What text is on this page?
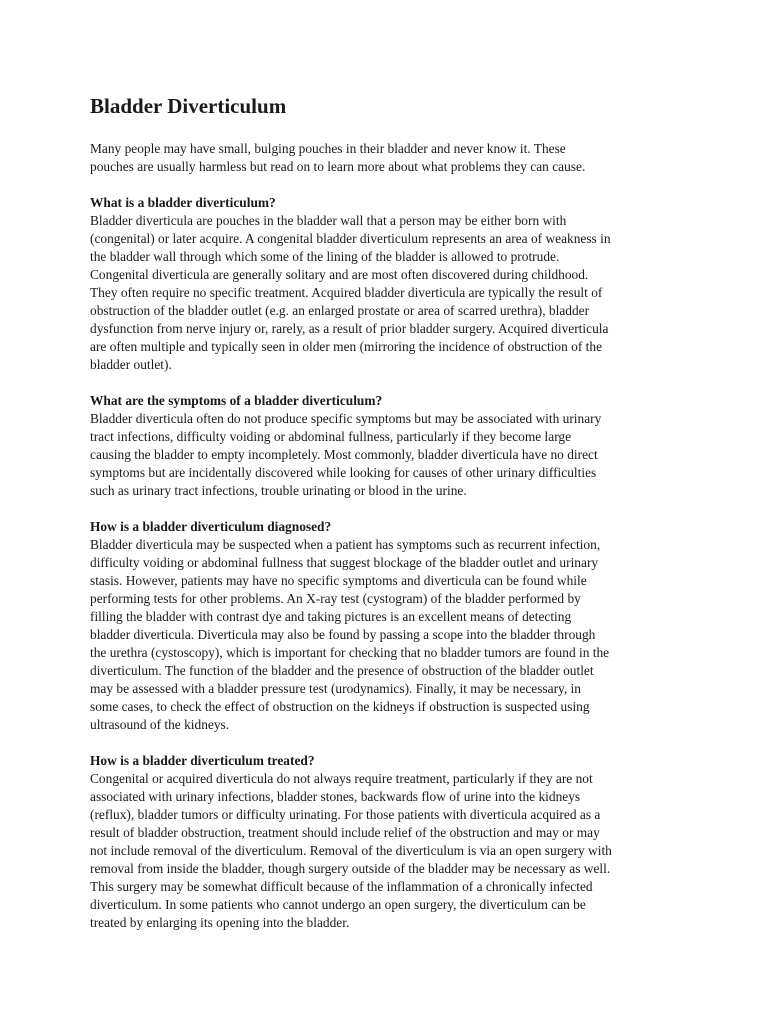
Bladder Diverticulum

Many people may have small, bulging pouches in their bladder and never know it. These
pouches are usually harmless but read on to learn more about what problems they can cause.

What is a bladder diverticulum?

Bladder diverticula are pouches in the bladder wall that a person may be either born with
(congenital) or later acquire. A congenital bladder diverticulum represents an area of weakness in
the bladder wall through which some of the lining of the bladder is allowed to protrude.
Congenital diverticula are generally solitary and are most often discovered during childhood.
They often require no specific treatment. Acquired bladder diverticula are typically the result of
obstruction of the bladder outlet (e.g. an enlarged prostate or area of scarred urethra), bladder
dysfunction from nerve injury or, rarely, as a result of prior bladder surgery. Acquired diverticula
are often multiple and typically seen in older men (mirroring the incidence of obstruction of the
bladder outlet).

What are the symptoms of a bladder diverticulum?

Bladder diverticula often do not produce specific symptoms but may be associated with urinary
tract infections, difficulty voiding or abdominal fullness, particularly if they become large
causing the bladder to empty incompletely. Most commonly, bladder diverticula have no direct
symptoms but are incidentally discovered while looking for causes of other urinary difficulties
such as urinary tract infections, trouble urinating or blood in the urine.

How is a bladder diverticulum diagnosed?

Bladder diverticula may be suspected when a patient has symptoms such as recurrent infection,
difficulty voiding or abdominal fullness that suggest blockage of the bladder outlet and urinary
stasis. However, patients may have no specific symptoms and diverticula can be found while
performing tests for other problems. An X-ray test (cystogram) of the bladder performed by
filling the bladder with contrast dye and taking pictures is an excellent means of detecting
bladder diverticula. Diverticula may also be found by passing a scope into the bladder through
the urethra (cystoscopy), which is important for checking that no bladder tumors are found in the
diverticulum. The function of the bladder and the presence of obstruction of the bladder outlet
may be assessed with a bladder pressure test (urodynamics). Finally, it may be necessary, in
some cases, to check the effect of obstruction on the kidneys if obstruction is suspected using
ultrasound of the kidneys.

How is a bladder diverticulum treated?

Congenital or acquired diverticula do not always require treatment, particularly if they are not
associated with urinary infections, bladder stones, backwards flow of urine into the kidneys
(reflux), bladder tumors or difficulty urinating. For those patients with diverticula acquired as a
result of bladder obstruction, treatment should include relief of the obstruction and may or may
not include removal of the diverticulum. Removal of the diverticulum is via an open surgery with
removal from inside the bladder, though surgery outside of the bladder may be necessary as well.
This surgery may be somewhat difficult because of the inflammation of a chronically infected
diverticulum. In some patients who cannot undergo an open surgery, the diverticulum can be
treated by enlarging its opening into the bladder.
